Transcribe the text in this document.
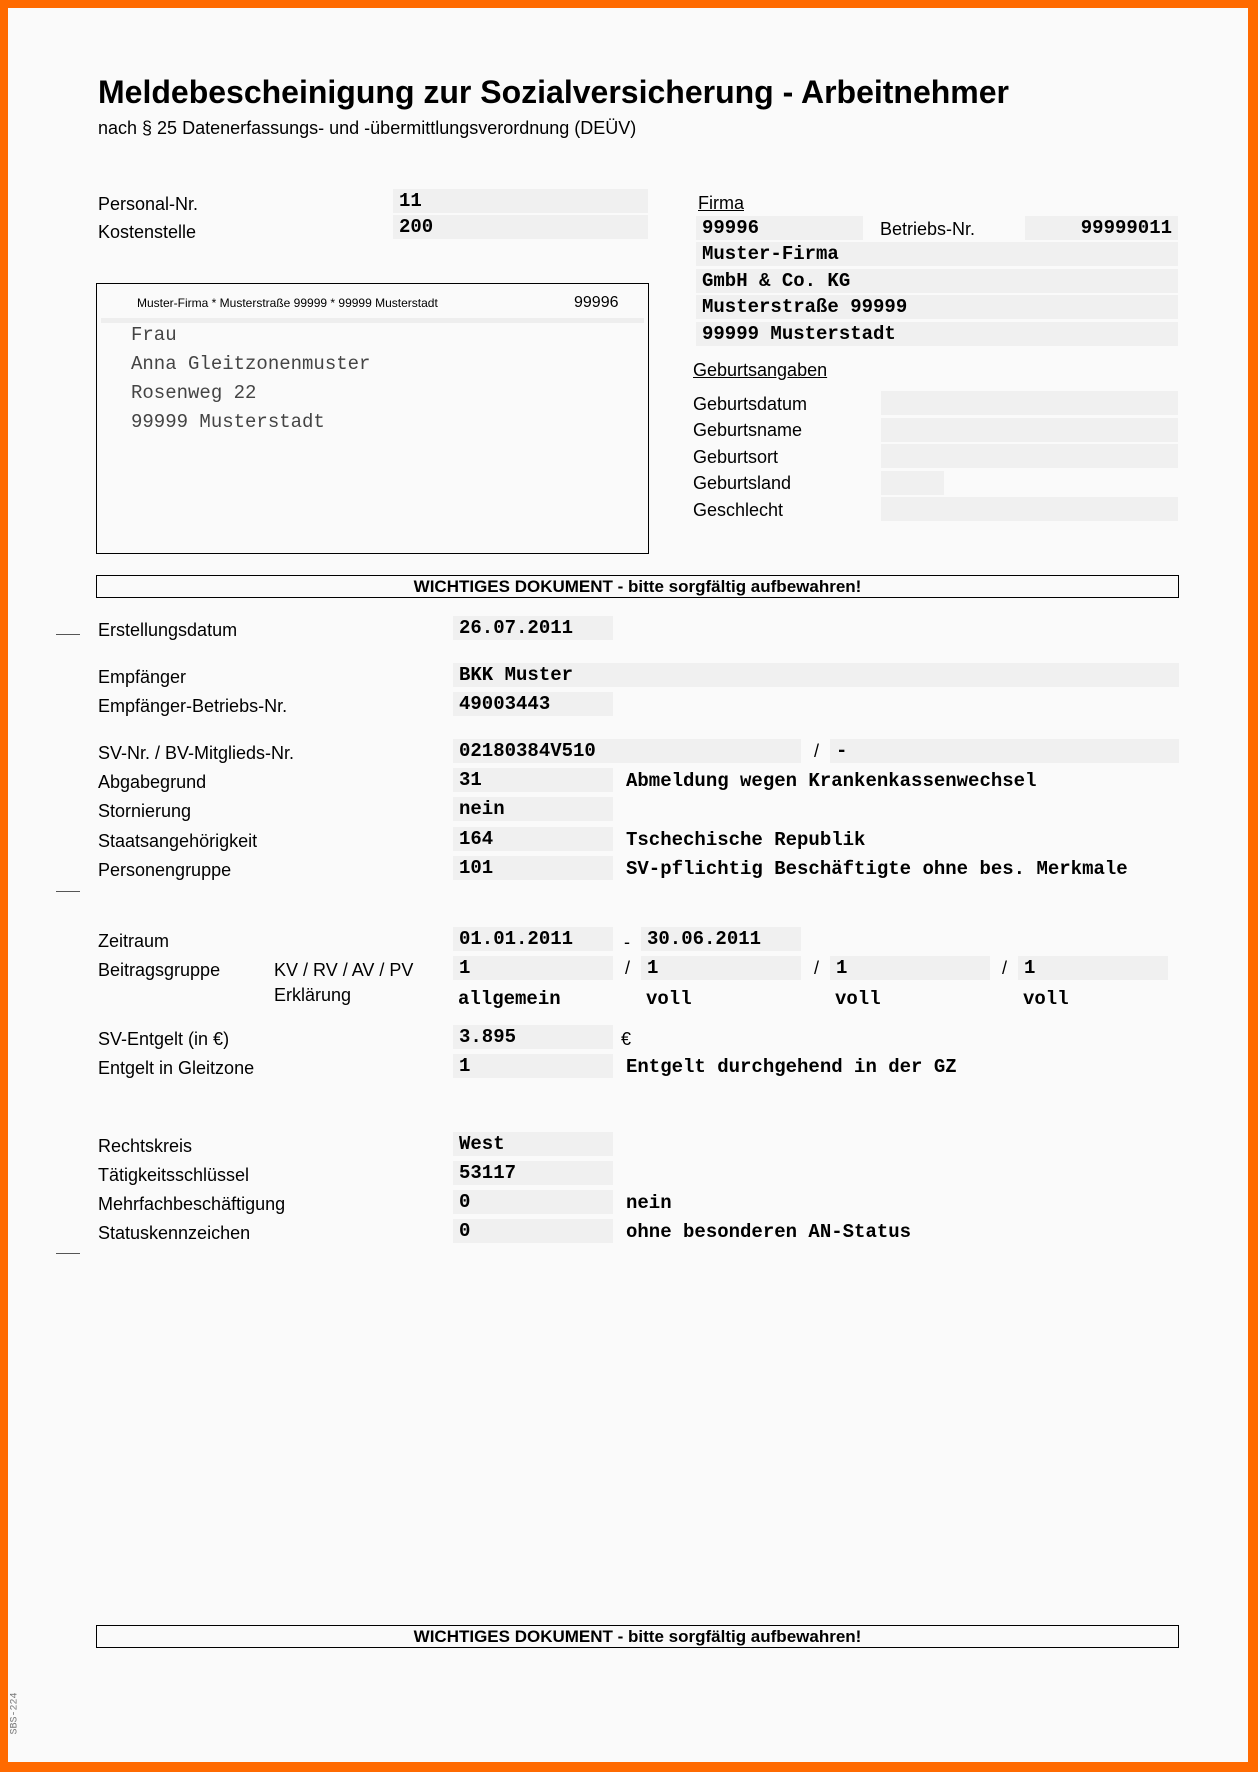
Meldebescheinigung zur Sozialversicherung - Arbeitnehmer
nach § 25 Datenerfassungs- und -übermittlungsverordnung (DEÜV)
Personal-Nr.	11
Kostenstelle	200
Muster-Firma * Musterstraße 99999 * 99999 Musterstadt	99996
Frau
Anna Gleitzonenmuster
Rosenweg 22
99999 Musterstadt
Firma
99996	Betriebs-Nr.	99999011
Muster-Firma
GmbH & Co. KG
Musterstraße 99999
99999 Musterstadt
Geburtsangaben
Geburtsdatum
Geburtsname
Geburtsort
Geburtsland
Geschlecht
WICHTIGES DOKUMENT - bitte sorgfältig aufbewahren!
Erstellungsdatum	26.07.2011
Empfänger	BKK Muster
Empfänger-Betriebs-Nr.	49003443
SV-Nr. / BV-Mitglieds-Nr.	02180384V510	/ -
Abgabegrund	31	Abmeldung wegen Krankenkassenwechsel
Stornierung	nein
Staatsangehörigkeit	164	Tschechische Republik
Personengruppe	101	SV-pflichtig Beschäftigte ohne bes. Merkmale
Zeitraum	01.01.2011	- 30.06.2011
Beitragsgruppe	KV / RV / AV / PV
Erklärung
1	/ 1	/ 1	/ 1
allgemein	voll	voll	voll
SV-Entgelt (in €)	3.895	€
Entgelt in Gleitzone	1	Entgelt durchgehend in der GZ
Rechtskreis	West
Tätigkeitsschlüssel	53117
Mehrfachbeschäftigung	0	nein
Statuskennzeichen	0	ohne besonderen AN-Status
WICHTIGES DOKUMENT - bitte sorgfältig aufbewahren!
SBS-224
